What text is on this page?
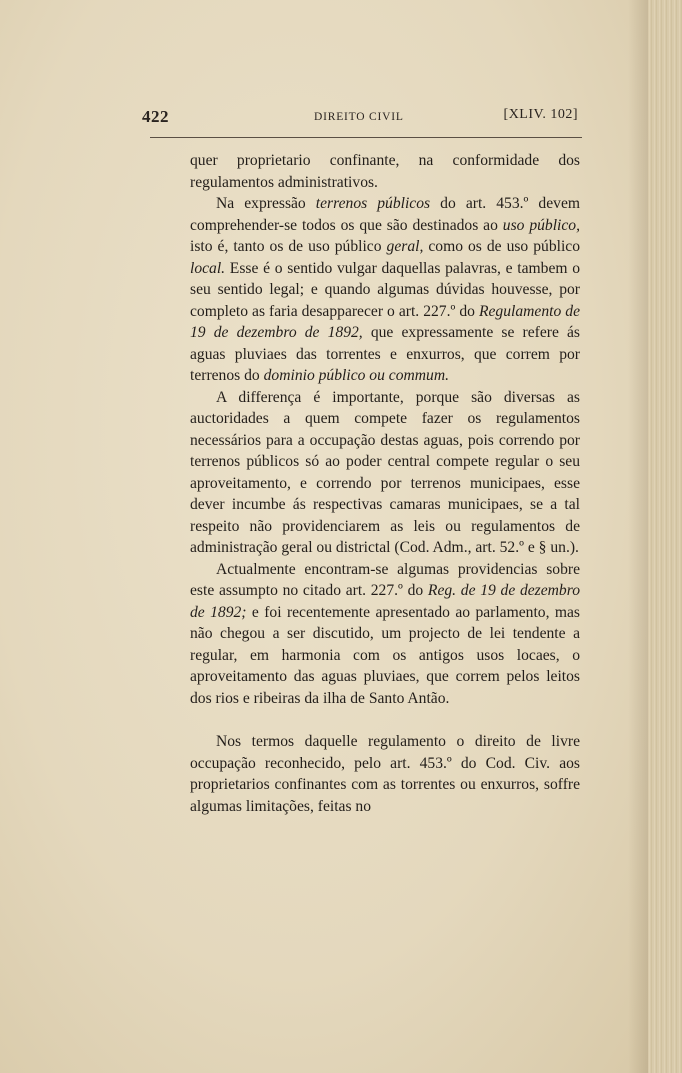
422	DIREITO CIVIL	[XLIV. 102]

quer proprietario confinante, na conformidade dos regulamentos administrativos.

Na expressão terrenos públicos do art. 453.º devem comprehender-se todos os que são destinados ao uso público, isto é, tanto os de uso público geral, como os de uso público local. Esse é o sentido vulgar daquellas palavras, e tambem o seu sentido legal; e quando algumas dúvidas houvesse, por completo as faria desapparecer o art. 227.º do Regulamento de 19 de dezembro de 1892, que expressamente se refere ás aguas pluviaes das torrentes e enxurros, que correm por terrenos do dominio público ou commum.

A differença é importante, porque são diversas as auctoridades a quem compete fazer os regulamentos necessários para a occupação destas aguas, pois correndo por terrenos públicos só ao poder central compete regular o seu aproveitamento, e correndo por terrenos municipaes, esse dever incumbe ás respectivas camaras municipaes, se a tal respeito não providenciarem as leis ou regulamentos de administração geral ou districtal (Cod. Adm., art. 52.º e § un.).

Actualmente encontram-se algumas providencias sobre este assumpto no citado art. 227.º do Reg. de 19 de dezembro de 1892; e foi recentemente apresentado ao parlamento, mas não chegou a ser discutido, um projecto de lei tendente a regular, em harmonia com os antigos usos locaes, o aproveitamento das aguas pluviaes, que correm pelos leitos dos rios e ribeiras da ilha de Santo Antão.

Nos termos daquelle regulamento o direito de livre occupação reconhecido, pelo art. 453.º do Cod. Civ. aos proprietarios confinantes com as torrentes ou enxurros, soffre algumas limitações, feitas no
